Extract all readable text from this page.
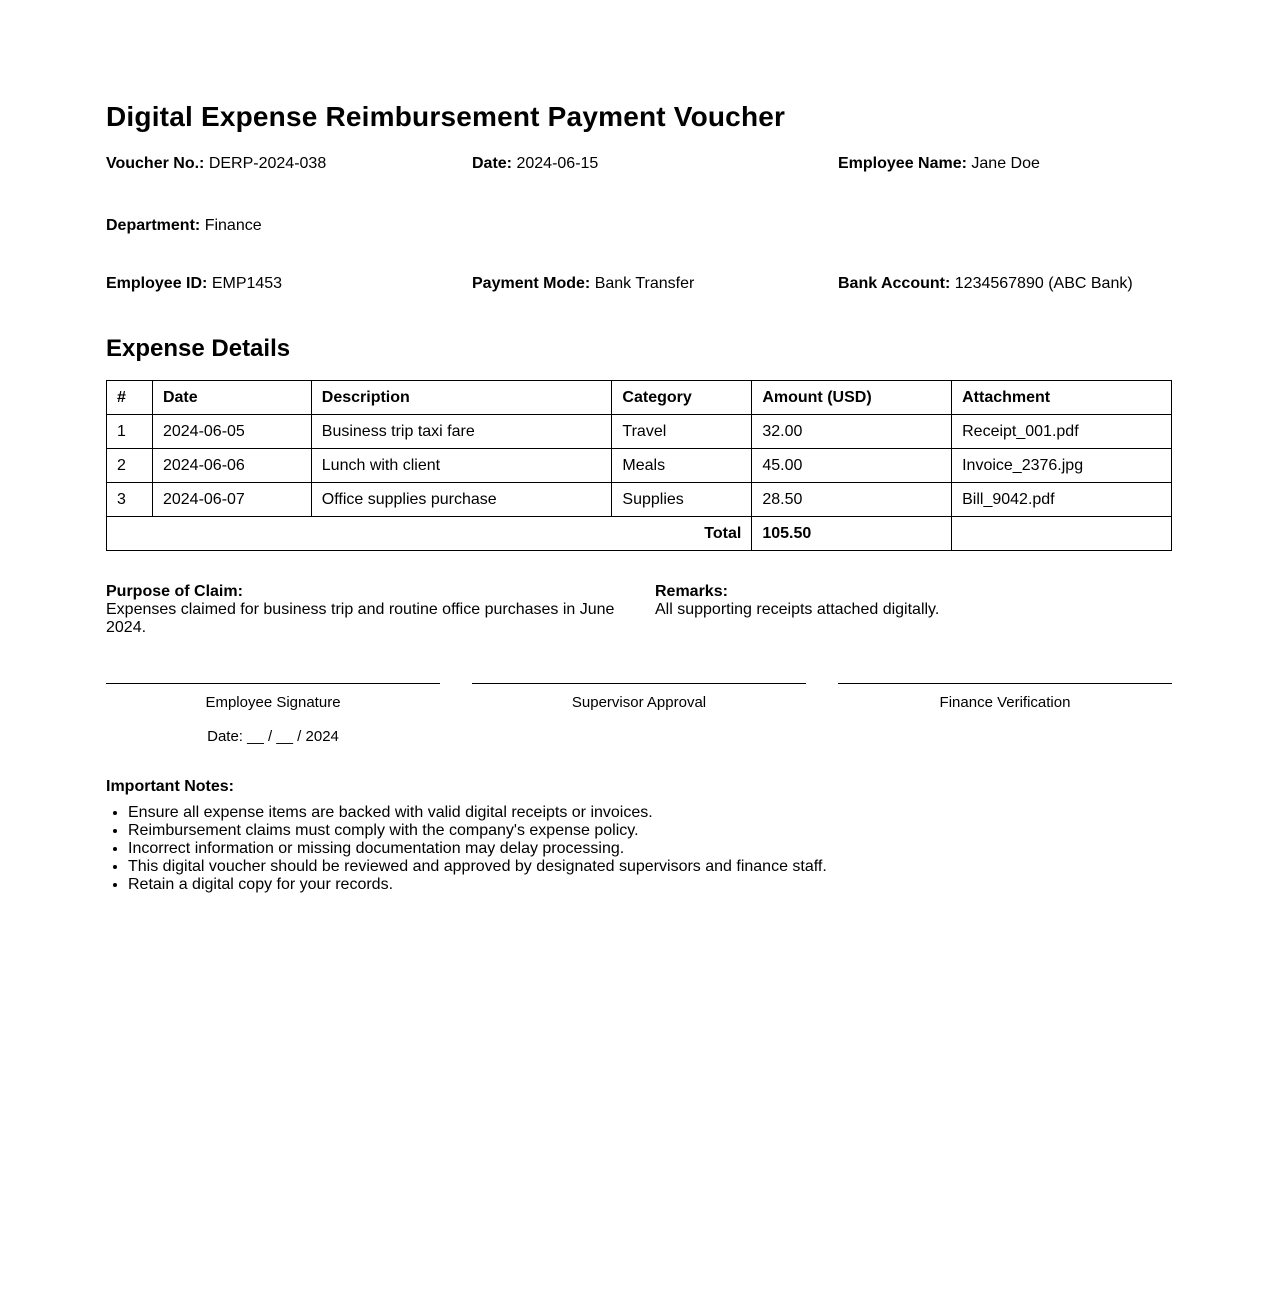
Digital Expense Reimbursement Payment Voucher
Voucher No.: DERP-2024-038	Date: 2024-06-15	Employee Name: Jane Doe
Department: Finance
Employee ID: EMP1453	Payment Mode: Bank Transfer	Bank Account: 1234567890 (ABC Bank)
Expense Details
#	Date	Description	Category	Amount (USD)	Attachment
1	2024-06-05	Business trip taxi fare	Travel	32.00	Receipt_001.pdf
2	2024-06-06	Lunch with client	Meals	45.00	Invoice_2376.jpg
3	2024-06-07	Office supplies purchase	Supplies	28.50	Bill_9042.pdf
Total				105.50	
Purpose of Claim:
Expenses claimed for business trip and routine office purchases in June 2024.
Remarks:
All supporting receipts attached digitally.
Employee Signature
Date: __ / __ / 2024
Supervisor Approval	Finance Verification
Important Notes:
• Ensure all expense items are backed with valid digital receipts or invoices.
• Reimbursement claims must comply with the company's expense policy.
• Incorrect information or missing documentation may delay processing.
• This digital voucher should be reviewed and approved by designated supervisors and finance staff.
• Retain a digital copy for your records.
